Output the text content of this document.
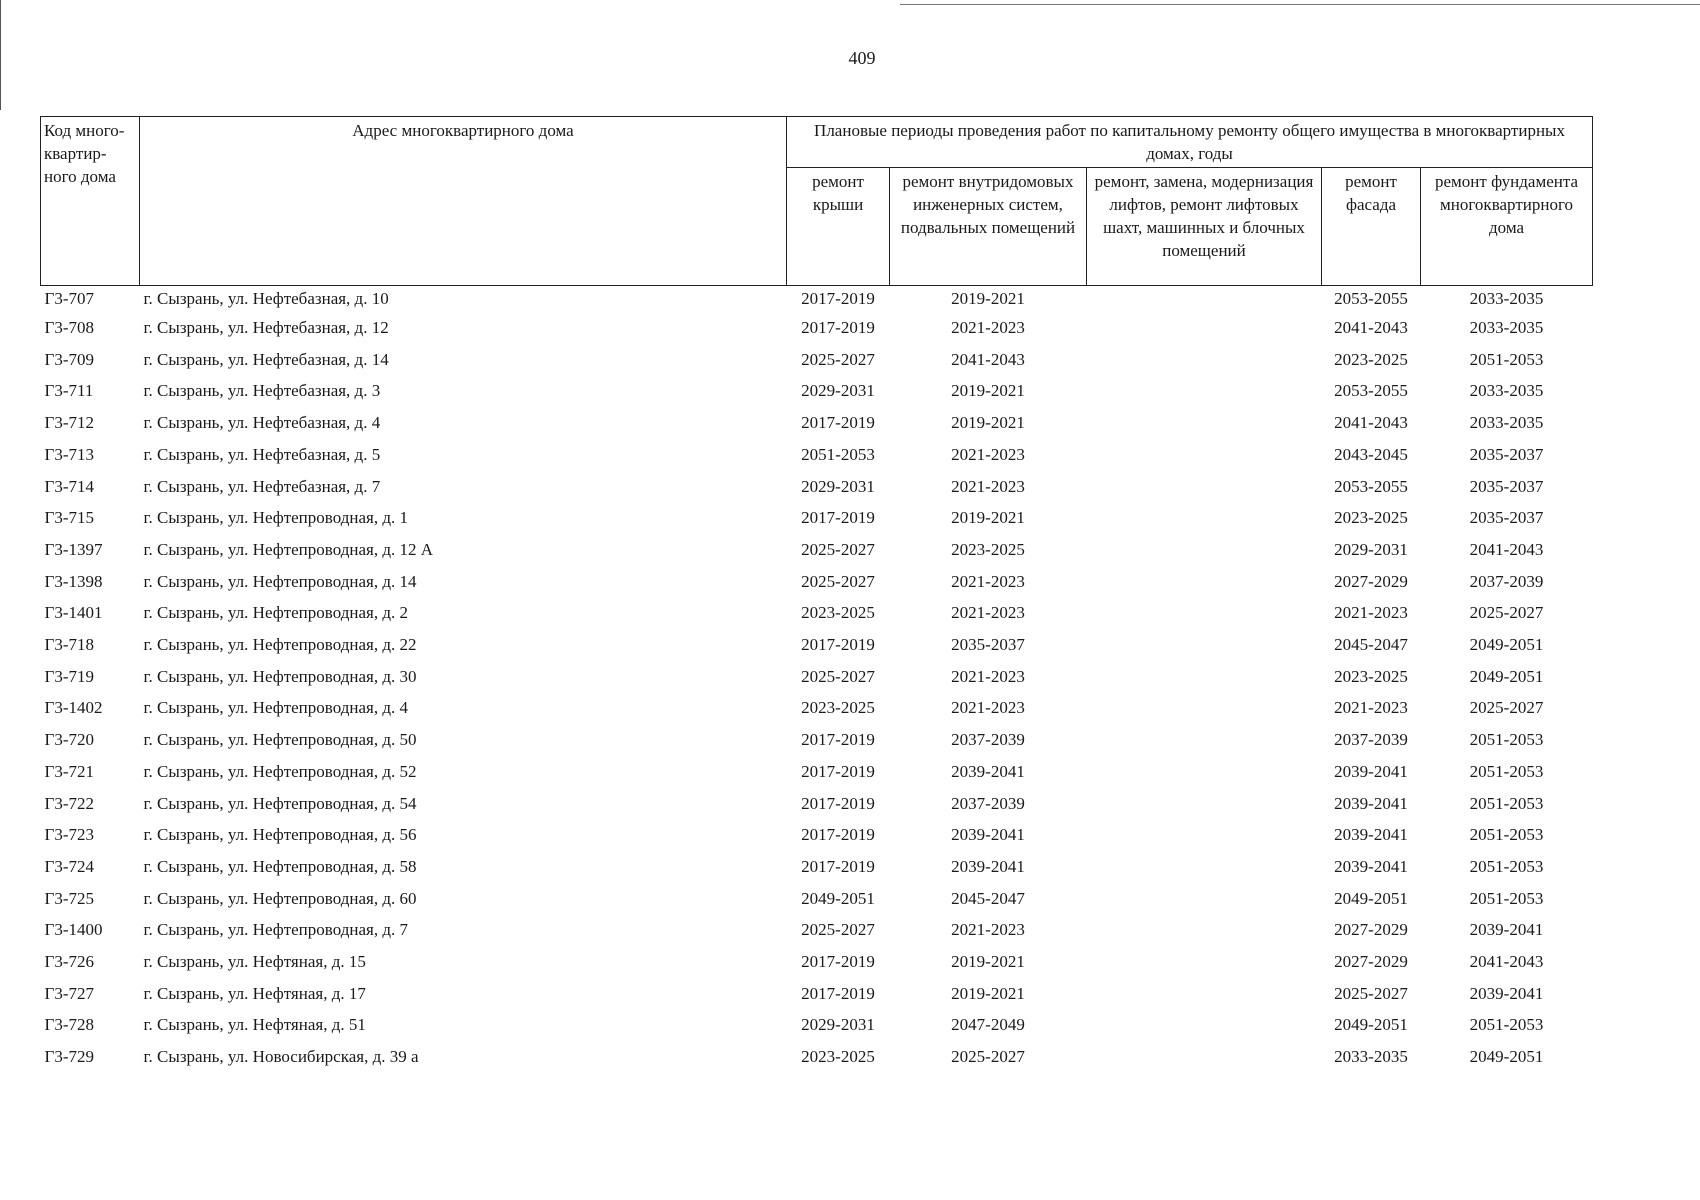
409
Код много-квартир-ного дома	Адрес многоквартирного дома	Плановые периоды проведения работ по капитальному ремонту общего имущества в многоквартирных домах, годы				
		ремонт крыши	ремонт внутридомовых инженерных систем, подвальных помещений	ремонт, замена, модернизация лифтов, ремонт лифтовых шахт, машинных и блочных помещений	ремонт фасада	ремонт фундамента многоквартирного дома
Г3-707	г. Сызрань, ул. Нефтебазная, д. 10	2017-2019	2019-2021		2053-2055	2033-2035
Г3-708	г. Сызрань, ул. Нефтебазная, д. 12	2017-2019	2021-2023		2041-2043	2033-2035
Г3-709	г. Сызрань, ул. Нефтебазная, д. 14	2025-2027	2041-2043		2023-2025	2051-2053
Г3-711	г. Сызрань, ул. Нефтебазная, д. 3	2029-2031	2019-2021		2053-2055	2033-2035
Г3-712	г. Сызрань, ул. Нефтебазная, д. 4	2017-2019	2019-2021		2041-2043	2033-2035
Г3-713	г. Сызрань, ул. Нефтебазная, д. 5	2051-2053	2021-2023		2043-2045	2035-2037
Г3-714	г. Сызрань, ул. Нефтебазная, д. 7	2029-2031	2021-2023		2053-2055	2035-2037
Г3-715	г. Сызрань, ул. Нефтепроводная, д. 1	2017-2019	2019-2021		2023-2025	2035-2037
Г3-1397	г. Сызрань, ул. Нефтепроводная, д. 12 А	2025-2027	2023-2025		2029-2031	2041-2043
Г3-1398	г. Сызрань, ул. Нефтепроводная, д. 14	2025-2027	2021-2023		2027-2029	2037-2039
Г3-1401	г. Сызрань, ул. Нефтепроводная, д. 2	2023-2025	2021-2023		2021-2023	2025-2027
Г3-718	г. Сызрань, ул. Нефтепроводная, д. 22	2017-2019	2035-2037		2045-2047	2049-2051
Г3-719	г. Сызрань, ул. Нефтепроводная, д. 30	2025-2027	2021-2023		2023-2025	2049-2051
Г3-1402	г. Сызрань, ул. Нефтепроводная, д. 4	2023-2025	2021-2023		2021-2023	2025-2027
Г3-720	г. Сызрань, ул. Нефтепроводная, д. 50	2017-2019	2037-2039		2037-2039	2051-2053
Г3-721	г. Сызрань, ул. Нефтепроводная, д. 52	2017-2019	2039-2041		2039-2041	2051-2053
Г3-722	г. Сызрань, ул. Нефтепроводная, д. 54	2017-2019	2037-2039		2039-2041	2051-2053
Г3-723	г. Сызрань, ул. Нефтепроводная, д. 56	2017-2019	2039-2041		2039-2041	2051-2053
Г3-724	г. Сызрань, ул. Нефтепроводная, д. 58	2017-2019	2039-2041		2039-2041	2051-2053
Г3-725	г. Сызрань, ул. Нефтепроводная, д. 60	2049-2051	2045-2047		2049-2051	2051-2053
Г3-1400	г. Сызрань, ул. Нефтепроводная, д. 7	2025-2027	2021-2023		2027-2029	2039-2041
Г3-726	г. Сызрань, ул. Нефтяная, д. 15	2017-2019	2019-2021		2027-2029	2041-2043
Г3-727	г. Сызрань, ул. Нефтяная, д. 17	2017-2019	2019-2021		2025-2027	2039-2041
Г3-728	г. Сызрань, ул. Нефтяная, д. 51	2029-2031	2047-2049		2049-2051	2051-2053
Г3-729	г. Сызрань, ул. Новосибирская, д. 39 а	2023-2025	2025-2027		2033-2035	2049-2051
